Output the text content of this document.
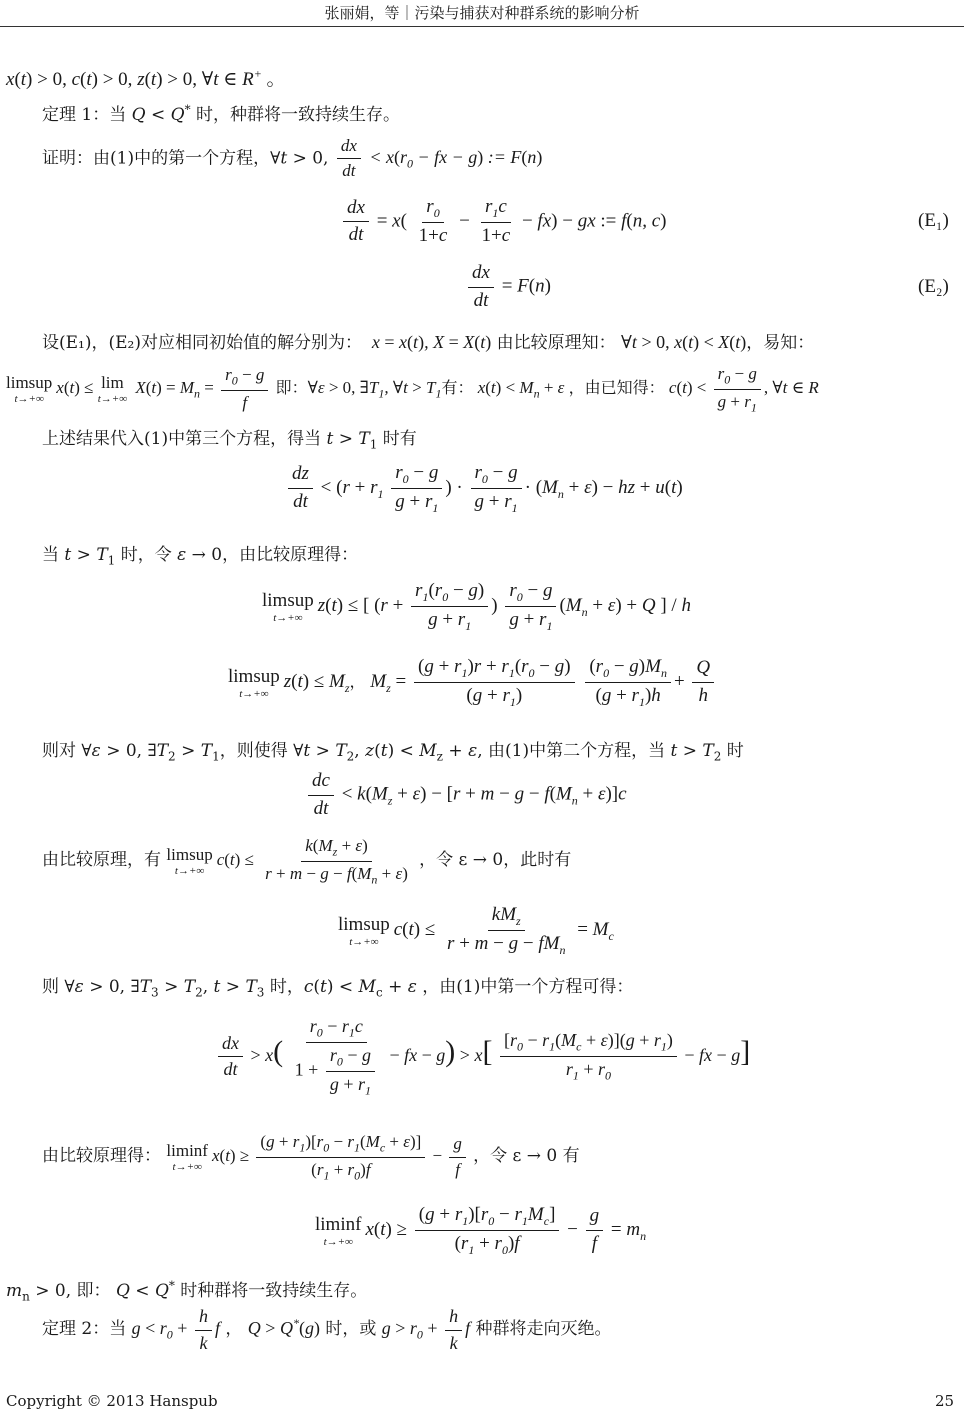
张丽娟，等｜污染与捕获对种群系统的影响分析
x(t) > 0, c(t) > 0, z(t) > 0, ∀t ∈ R+ 。
定理 1：当 Q < Q* 时，种群将一致持续生存。
证明：由(1)中的第一个方程，∀t > 0, $\frac{dx}{dt} < x(r_0$ − fx − g) := F(n)
$\frac{dx}{dt} = x( \frac{r_0}{1+c} - \frac{r_1c}{1+c} - fx)$ − gx := f(n, c)	(E₁)
$\frac{dx}{dt} = F(n)$	(E₂)
设(E₁)，(E₂)对应相同初始值的解分别为：  x = x(t), X = X(t) 由比较原理知： ∀t > 0, x(t) < X(t)，易知：
limsup
t→+∞
x(t) ≤ lim
t→+∞
$X(t) = M_n = \frac{r_0 - g}{f}$ 即：∀ε > 0, $\exists T_1$, ∀t > $T_1$有： $x(t) < M_n + \varepsilon$ ，由已知得： $c(t) < \frac{r_0 - g}{g + r_1}$ , ∀t ∈ R
上述结果代入(1)中第三个方程，得当 $t > T_1$ 时有
$\frac{dz}{dt} < (r + r_1 \frac{r_0 - g}{g + r_1}$ ) · $\frac{r_0 - g}{g + r_1} \cdot (M_n + \varepsilon)$ − hz + u(t)
当 $t > T_1$ 时，令 ε → 0，由比较原理得：
limsup
t→+∞
z(t) ≤ [ ($r + \frac{r_1(r_0 - g)}{g + r_1}$ ) $\frac{r_0 - g}{g + r_1} (M_n + \varepsilon) + Q$ ] / h
limsup
t→+∞
$z(t) \le M_z$， $M_z = \frac{(g + r_1)r + r_1(r_0 - g)}{(g + r_1)}$
$\frac{(r_0 - g)M_n}{(g + r_1)h} + \frac{Q}{h}$
则对 ∀ε > 0, $\exists T_2 > T_1$，则使得 ∀t > $T_2$, $z(t) < M_z + \varepsilon$, 由(1)中第二个方程，当 $t > T_2$ 时
$\frac{dc}{dt} < k(M_z + \varepsilon) - [r + m - g - f(M_n + \varepsilon)]c$
由比较原理，有 limsup
t→+∞
$c(t) \le \frac{k(M_z + \varepsilon)}{r + m - g - f(M_n + \varepsilon)}$ ，令 ε → 0，此时有
limsup
t→+∞
$c(t) \le \frac{kM_z}{r + m - g - fM_n} = M_c$
则 ∀ε > 0, $\exists T_3 > T_2$, $t > T_3$ 时，$c(t) < M_c + \varepsilon$ ，由(1)中第一个方程可得：
$\frac{dx}{dt} > x( \frac{r_0 - r_1c}{1 + \frac{r_0 - g}{g + r_1}}$ − fx − $g) > x[ \frac{[r_0 - r_1(M_c + \varepsilon)](g + r_1)}{r_1 + r_0}$ − fx − g]
由比较原理得： liminf
t→+∞
$x(t) \ge \frac{(g + r_1)[r_0 - r_1(M_c + \varepsilon)]}{(r_1 + r_0)f} - \frac{g}{f}$ ，令 ε → 0 有
liminf
t→+∞
$x(t) \ge \frac{(g + r_1)[r_0 - r_1M_c]}{(r_1 + r_0)f} - \frac{g}{f} = m_n$
$m_n > 0$, 即： Q < Q* 时种群将一致持续生存。
定理 2：当 $g < r_0 + \frac{h}{k}$ f ， Q > Q*(g) 时，或 $g > r_0 + \frac{h}{k}$ f 种群将走向灭绝。
Copyright © 2013 Hanspub	25
